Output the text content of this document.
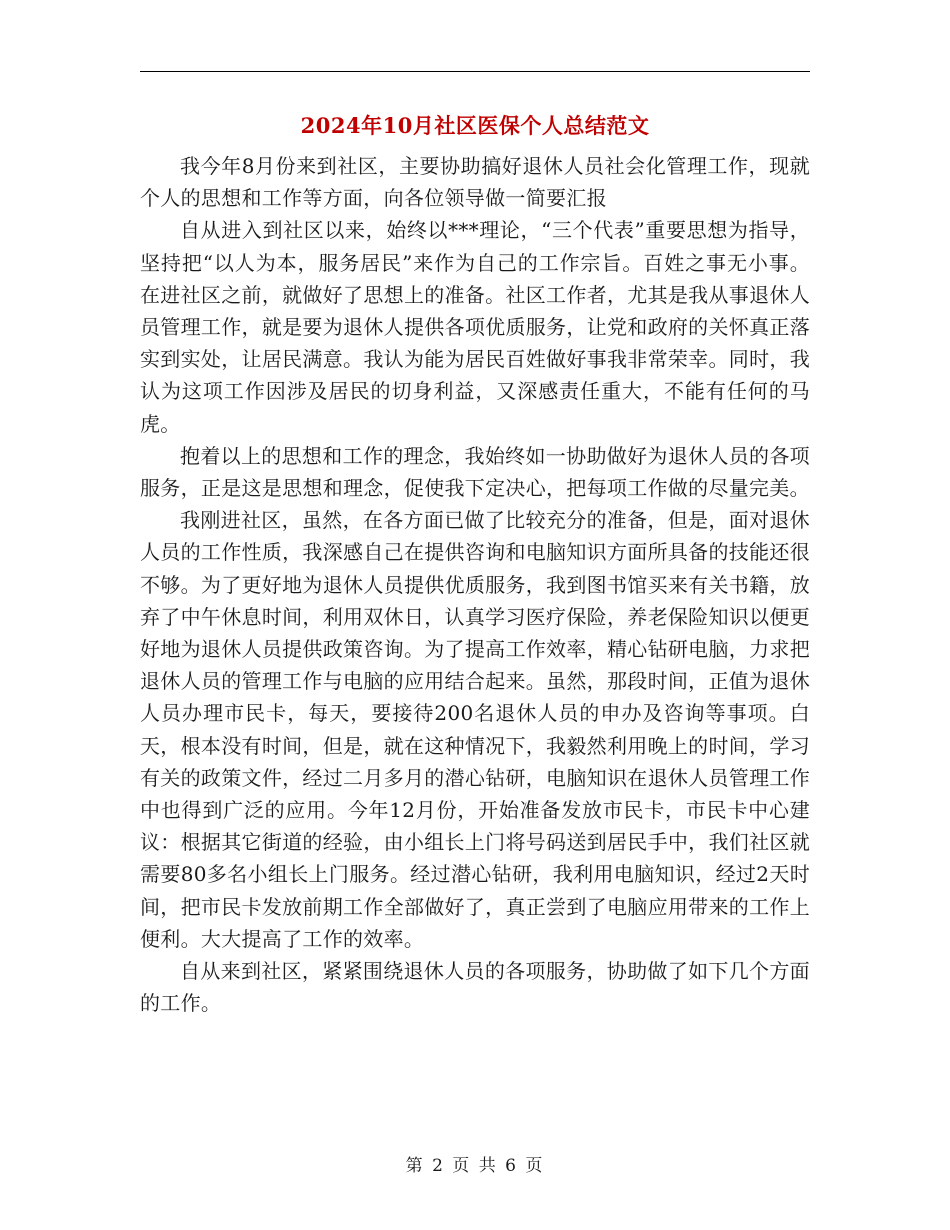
2024年10月社区医保个人总结范文

我今年8月份来到社区，主要协助搞好退休人员社会化管理工作，现就个人的思想和工作等方面，向各位领导做一简要汇报

自从进入到社区以来，始终以***理论，“三个代表”重要思想为指导，坚持把“以人为本，服务居民”来作为自己的工作宗旨。百姓之事无小事。在进社区之前，就做好了思想上的准备。社区工作者，尤其是我从事退休人员管理工作，就是要为退休人提供各项优质服务，让党和政府的关怀真正落实到实处，让居民满意。我认为能为居民百姓做好事我非常荣幸。同时，我认为这项工作因涉及居民的切身利益，又深感责任重大，不能有任何的马虎。

抱着以上的思想和工作的理念，我始终如一协助做好为退休人员的各项服务，正是这是思想和理念，促使我下定决心，把每项工作做的尽量完美。

我刚进社区，虽然，在各方面已做了比较充分的准备，但是，面对退休人员的工作性质，我深感自己在提供咨询和电脑知识方面所具备的技能还很不够。为了更好地为退休人员提供优质服务，我到图书馆买来有关书籍，放弃了中午休息时间，利用双休日，认真学习医疗保险，养老保险知识以便更好地为退休人员提供政策咨询。为了提高工作效率，精心钻研电脑，力求把退休人员的管理工作与电脑的应用结合起来。虽然，那段时间，正值为退休人员办理市民卡，每天，要接待200名退休人员的申办及咨询等事项。白天，根本没有时间，但是，就在这种情况下，我毅然利用晚上的时间，学习有关的政策文件，经过二月多月的潜心钻研，电脑知识在退休人员管理工作中也得到广泛的应用。今年12月份，开始准备发放市民卡，市民卡中心建议：根据其它街道的经验，由小组长上门将号码送到居民手中，我们社区就需要80多名小组长上门服务。经过潜心钻研，我利用电脑知识，经过2天时间，把市民卡发放前期工作全部做好了，真正尝到了电脑应用带来的工作上便利。大大提高了工作的效率。

自从来到社区，紧紧围绕退休人员的各项服务，协助做了如下几个方面的工作。

第 2 页 共 6 页
